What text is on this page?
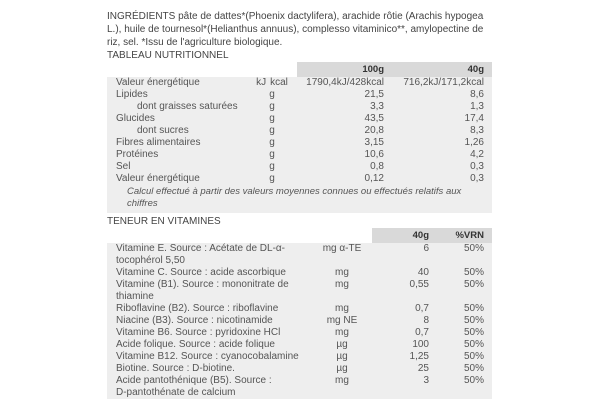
INGRÉDIENTS pâte de dattes*(Phoenix dactylifera), arachide rôtie (Arachis hypogea L.), huile de tournesol*(Helianthus annuus), complesso vitaminico**, amylopectine de riz, sel. *Issu de l'agriculture biologique.
TABLEAU NUTRITIONNEL
		100g	40g
Valeur énergétique	kJ kcal	1790,4kJ/428kcal	716,2kJ/171,2kcal
Lipides	g	21,5	8,6
dont graisses saturées	g	3,3	1,3
Glucides	g	43,5	17,4
dont sucres	g	20,8	8,3
Fibres alimentaires	g	3,15	1,26
Protéines	g	10,6	4,2
Sel	g	0,8	0,3
Valeur énergétique	g	0,12	0,3
Calcul effectué à partir des valeurs moyennes connues ou effectués relatifs aux chiffres			
TENEUR EN VITAMINES
		40g	%VRN

Vitamine E. Source : Acétate de DL-α-
tocophérol 5,50	mg α-TE	6	50%

Vitamine C. Source : acide ascorbique	mg	40	50%

Vitamine (B1). Source : mononitrate de
thiamine	mg	0,55	50%

Riboflavine (B2). Source : riboflavine	mg	0,7	50%

Niacine (B3). Source : nicotinamide	mg NE	8	50%

Vitamine B6. Source : pyridoxine HCl	mg	0,7	50%

Acide folique. Source : acide folique	µg	100	50%

Vitamine B12. Source : cyanocobalamine	µg	1,25	50%

Biotine. Source : D-biotine.	µg	25	50%

Acide pantothénique (B5). Source :
D-pantothénate de calcium	mg	3	50%
